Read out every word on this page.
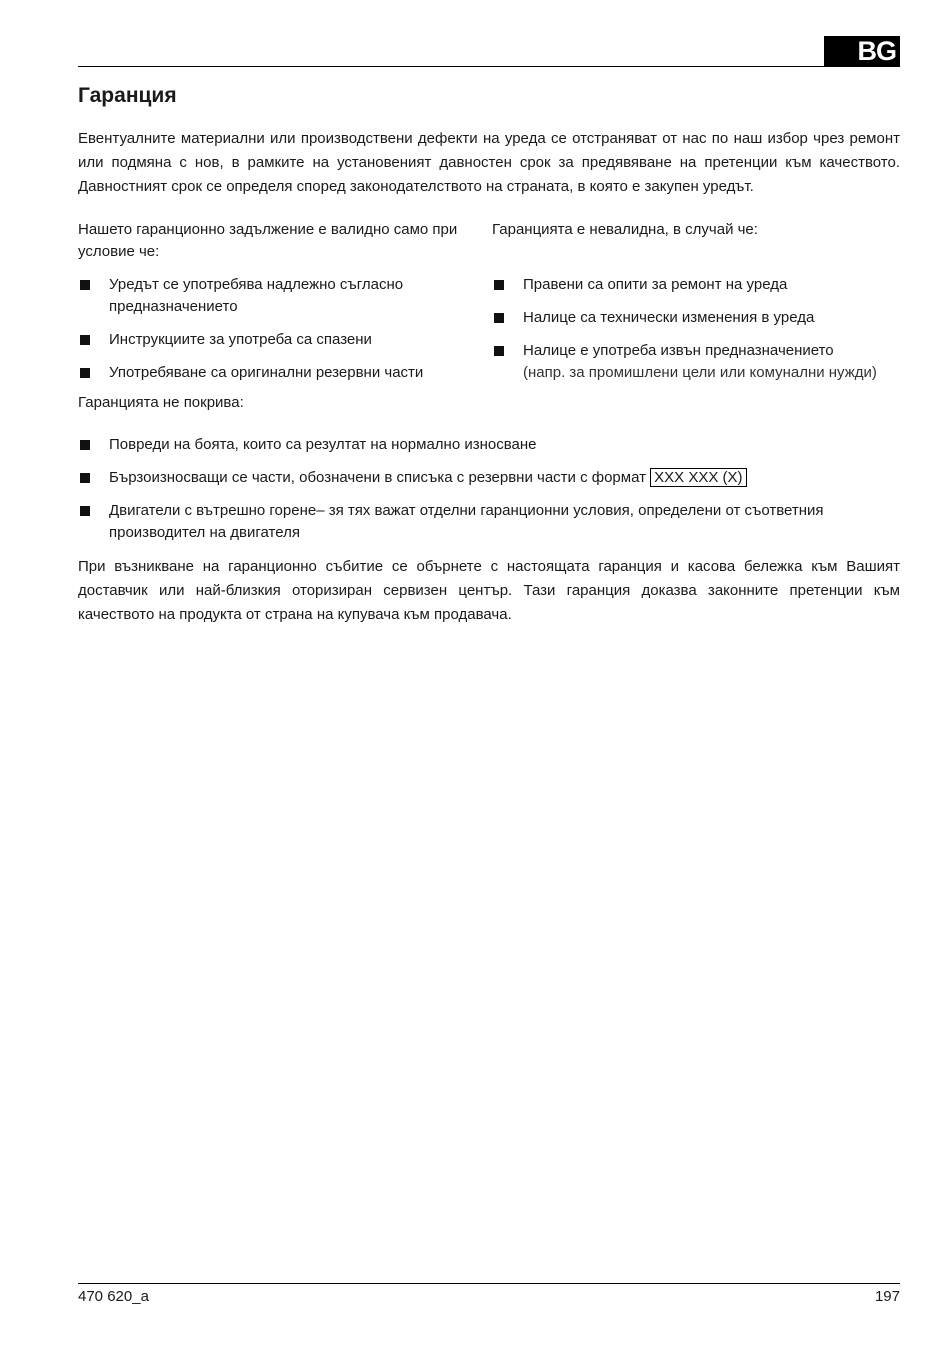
BG
Гаранция

Евентуалните материални или производствени дефекти на уреда се отстраняват от нас по наш избор чрез ремонт или подмяна с нов, в рамките на установеният давностен срок за предявяване на претенции към качеството. Давностният срок се определя според законодателството на страната, в която е закупен уредът.

Нашето гаранционно задължение е валидно само при условие че:

Уредът се употребява надлежно съгласно предназначението
Инструкциите за употреба са спазени
Употребяване са оригинални резервни части

Гаранцията е невалидна, в случай че:

Правени са опити за ремонт на уреда
Налице са технически изменения в уреда
Налице е употреба извън предназначението
(напр. за промишлени цели или комунални нужди)

Гаранцията не покрива:

Повреди на боята, които са резултат на нормално износване
Бързоизносващи се части, обозначени в списъка с резервни части с формат XXX XXX (X)
Двигатели с вътрешно горене– зя тях важат отделни гаранционни условия, определени от съответния производител на двигателя

При възникване на гаранционно събитие се обърнете с настоящата гаранция и касова бележка към Вашият доставчик или най-близкия оторизиран сервизен център. Тази гаранция доказва законните претенции към качеството на продукта от страна на купувача към продавача.

470 620_a	197
